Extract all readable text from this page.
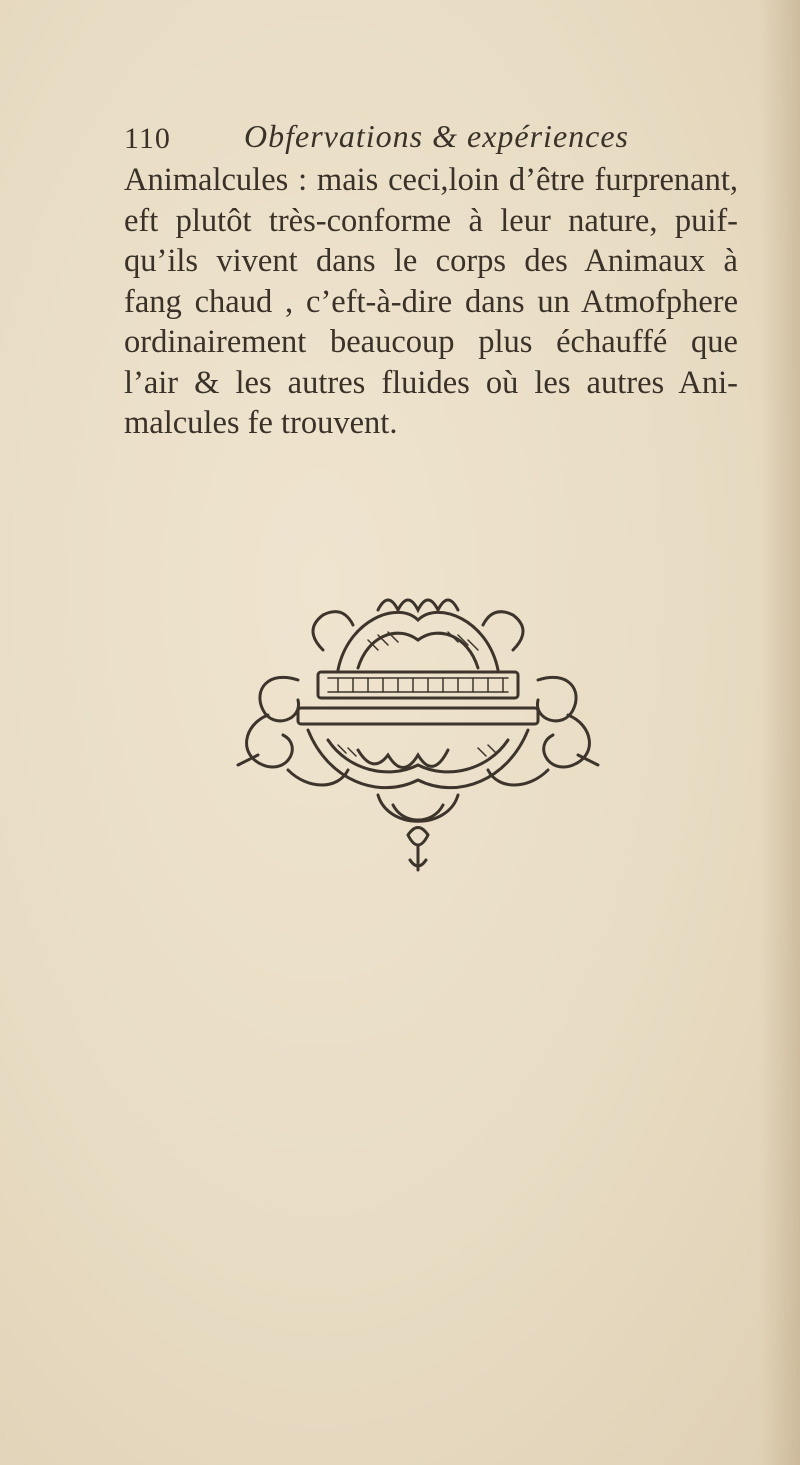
110 Obfervations & expériences
Animalcules : mais ceci,loin d’être furprenant,
eft plutôt très-conforme à leur nature, puif-
qu’ils vivent dans le corps des Animaux à
fang chaud , c’eft-à-dire dans un Atmofphere
ordinairement beaucoup plus échauffé que
l’air & les autres fluides où les autres Ani-
malcules fe trouvent.
